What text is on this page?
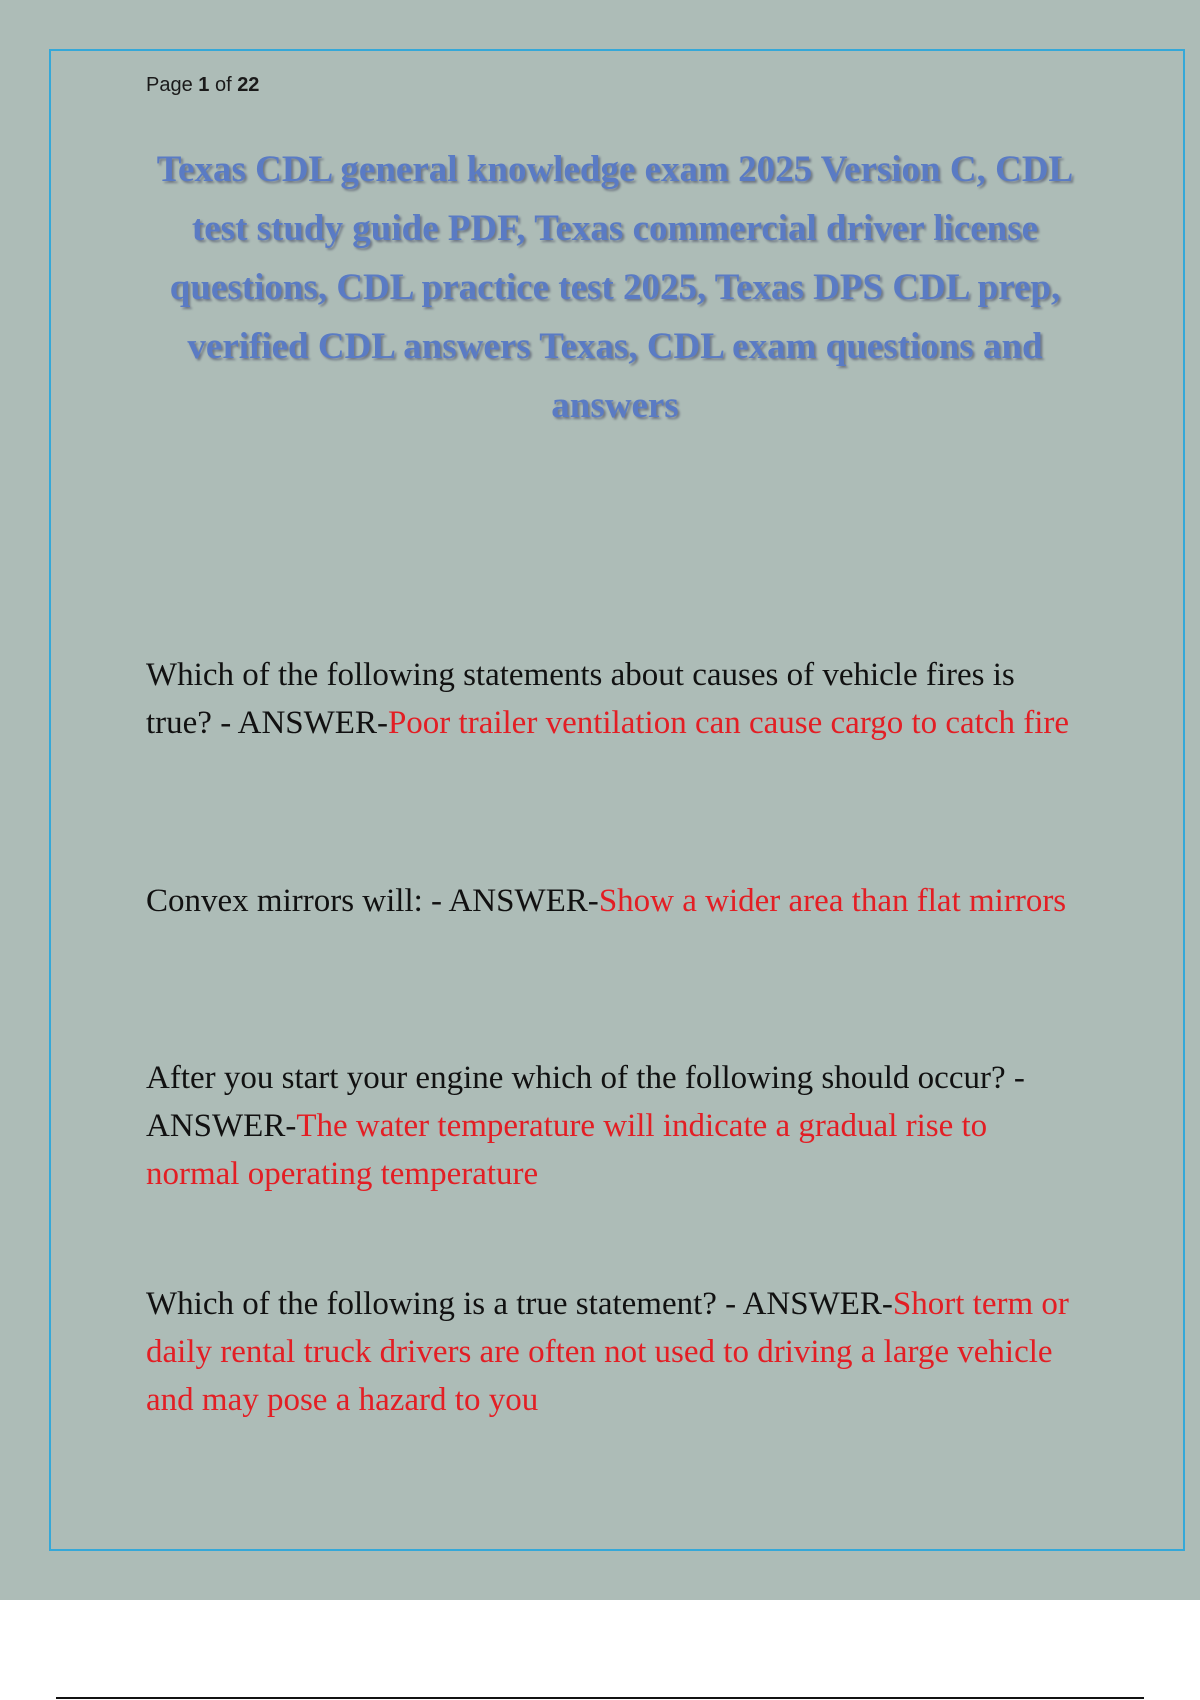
Page 1 of 22
Texas CDL general knowledge exam 2025 Version C, CDL test study guide PDF, Texas commercial driver license questions, CDL practice test 2025, Texas DPS CDL prep, verified CDL answers Texas, CDL exam questions and answers
Which of the following statements about causes of vehicle fires is true? - ANSWER-Poor trailer ventilation can cause cargo to catch fire
Convex mirrors will: - ANSWER-Show a wider area than flat mirrors
After you start your engine which of the following should occur? - ANSWER-The water temperature will indicate a gradual rise to normal operating temperature
Which of the following is a true statement? - ANSWER-Short term or daily rental truck drivers are often not used to driving a large vehicle and may pose a hazard to you
